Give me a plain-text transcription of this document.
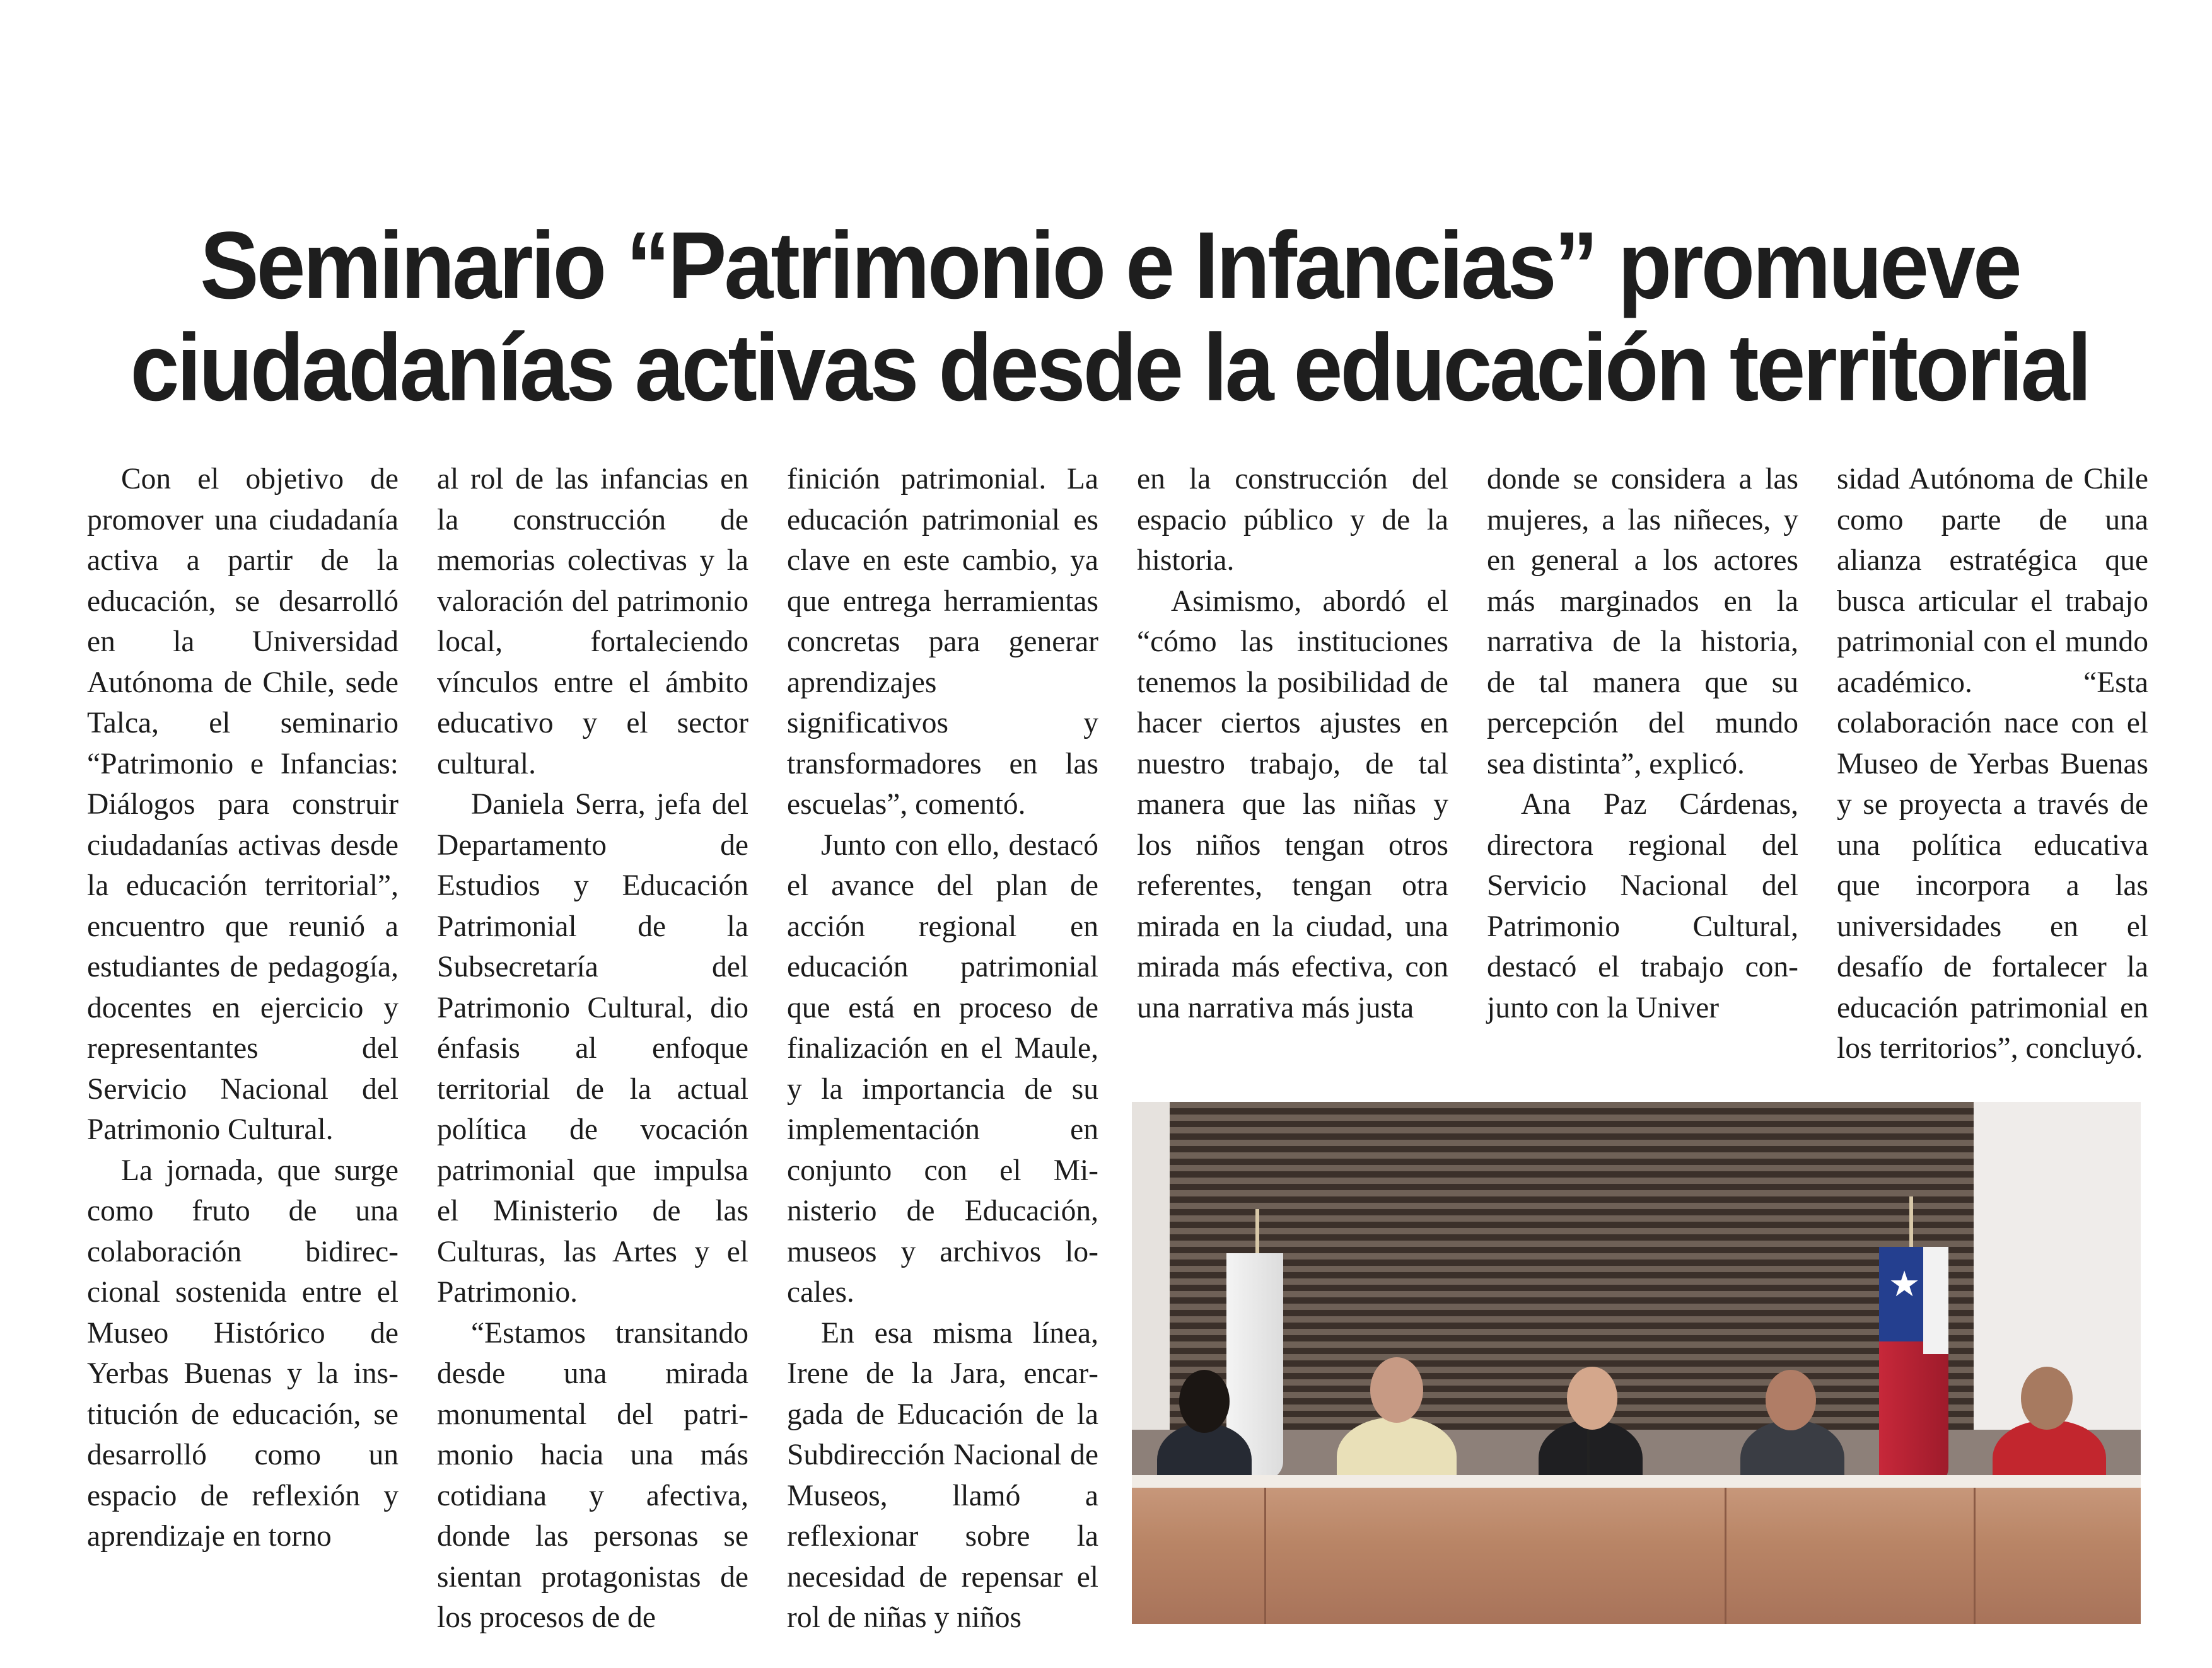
Seminario “Patrimonio e Infancias” promueve
ciudadanías activas desde la educación territorial

Con el objetivo de promover una ciudadanía activa a partir de la educación, se desarrolló en la Universidad Autónoma de Chile, sede Talca, el seminario “Patrimonio e Infancias: Diálogos para construir ciudadanías activas desde la educación territorial”, encuentro que reunió a estudiantes de pedagogía, docentes en ejercicio y representantes del Servicio Nacional del Patrimonio Cultural.

La jornada, que surge como fruto de una colaboración bidireccional sostenida entre el Museo Histórico de Yerbas Buenas y la institución de educación, se desarrolló como un espacio de reflexión y aprendizaje en torno

al rol de las infancias en la construcción de memorias colectivas y la valoración del patrimonio local, fortaleciendo vínculos entre el ámbito educativo y el sector cultural.

Daniela Serra, jefa del Departamento de Estudios y Educación Patrimonial de la Subsecretaría del Patrimonio Cultural, dio énfasis al enfoque territorial de la actual política de vocación patrimonial que impulsa el Ministerio de las Culturas, las Artes y el Patrimonio.

“Estamos transitando desde una mirada monumental del patrimonio hacia una más cotidiana y afectiva, donde las personas se sientan protagonistas de los procesos de de

finición patrimonial. La educación patrimonial es clave en este cambio, ya que entrega herramientas concretas para generar aprendizajes significativos y transformadores en las escuelas”, comentó.

Junto con ello, destacó el avance del plan de acción regional en educación patrimonial que está en proceso de finalización en el Maule, y la importancia de su implementación en conjunto con el Ministerio de Educación, museos y archivos locales.

En esa misma línea, Irene de la Jara, encargada de Educación de la Subdirección Nacional de Museos, llamó a reflexionar sobre la necesidad de repensar el rol de niñas y niños

en la construcción del espacio público y de la historia.

Asimismo, abordó el “cómo las instituciones tenemos la posibilidad de hacer ciertos ajustes en nuestro trabajo, de tal manera que las niñas y los niños tengan otros referentes, tengan otra mirada en la ciudad, una mirada más efectiva, con una narrativa más justa

donde se considera a las mujeres, a las niñeces, y en general a los actores más marginados en la narrativa de la historia, de tal manera que su percepción del mundo sea distinta”, explicó.

Ana Paz Cárdenas, directora regional del Servicio Nacional del Patrimonio Cultural, destacó el trabajo conjunto con la Univer

sidad Autónoma de Chile como parte de una alianza estratégica que busca articular el trabajo patrimonial con el mundo académico. “Esta colaboración nace con el Museo de Yerbas Buenas y se proyecta a través de una política educativa que incorpora a las universidades en el desafío de fortalecer la educación patrimonial en los territorios”, concluyó.

★
